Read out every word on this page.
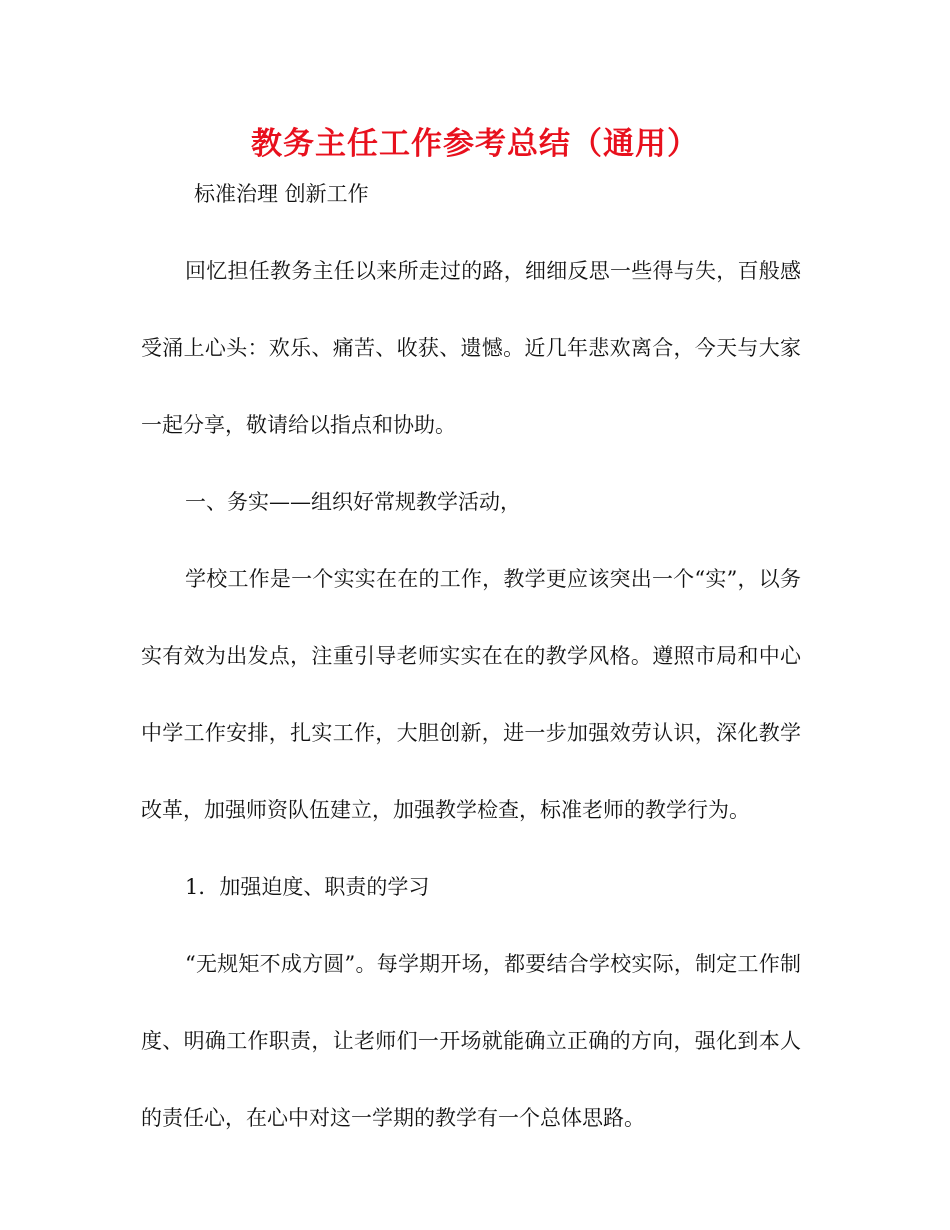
教务主任工作参考总结（通用）
标准治理 创新工作

回忆担任教务主任以来所走过的路，细细反思一些得与失，百般感受涌上心头：欢乐、痛苦、收获、遗憾。近几年悲欢离合，今天与大家一起分享，敬请给以指点和协助。

一、务实——组织好常规教学活动，

学校工作是一个实实在在的工作，教学更应该突出一个“实”，以务实有效为出发点，注重引导老师实实在在的教学风格。遵照市局和中心中学工作安排，扎实工作，大胆创新，进一步加强效劳认识，深化教学改革，加强师资队伍建立，加强教学检查，标准老师的教学行为。

1．加强迫度、职责的学习

“无规矩不成方圆”。每学期开场，都要结合学校实际，制定工作制度、明确工作职责，让老师们一开场就能确立正确的方向，强化到本人的责任心，在心中对这一学期的教学有一个总体思路。
